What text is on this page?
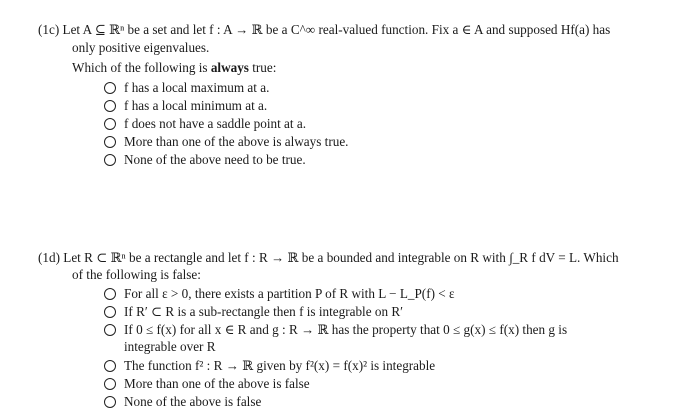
(1c) Let A ⊆ ℝⁿ be a set and let f : A → ℝ be a C^∞ real-valued function. Fix a ∈ A and supposed Hf(a) has
only positive eigenvalues.
Which of the following is always true:
f has a local maximum at a.
f has a local minimum at a.
f does not have a saddle point at a.
More than one of the above is always true.
None of the above need to be true.
(1d) Let R ⊂ ℝⁿ be a rectangle and let f : R → ℝ be a bounded and integrable on R with ∫_R f dV = L. Which
of the following is false:
For all ε > 0, there exists a partition P of R with L − L_P(f) < ε
If R′ ⊂ R is a sub-rectangle then f is integrable on R′
If 0 ≤ f(x) for all x ∈ R and g : R → ℝ has the property that 0 ≤ g(x) ≤ f(x) then g is
integrable over R
The function f² : R → ℝ given by f²(x) = f(x)² is integrable
More than one of the above is false
None of the above is false
